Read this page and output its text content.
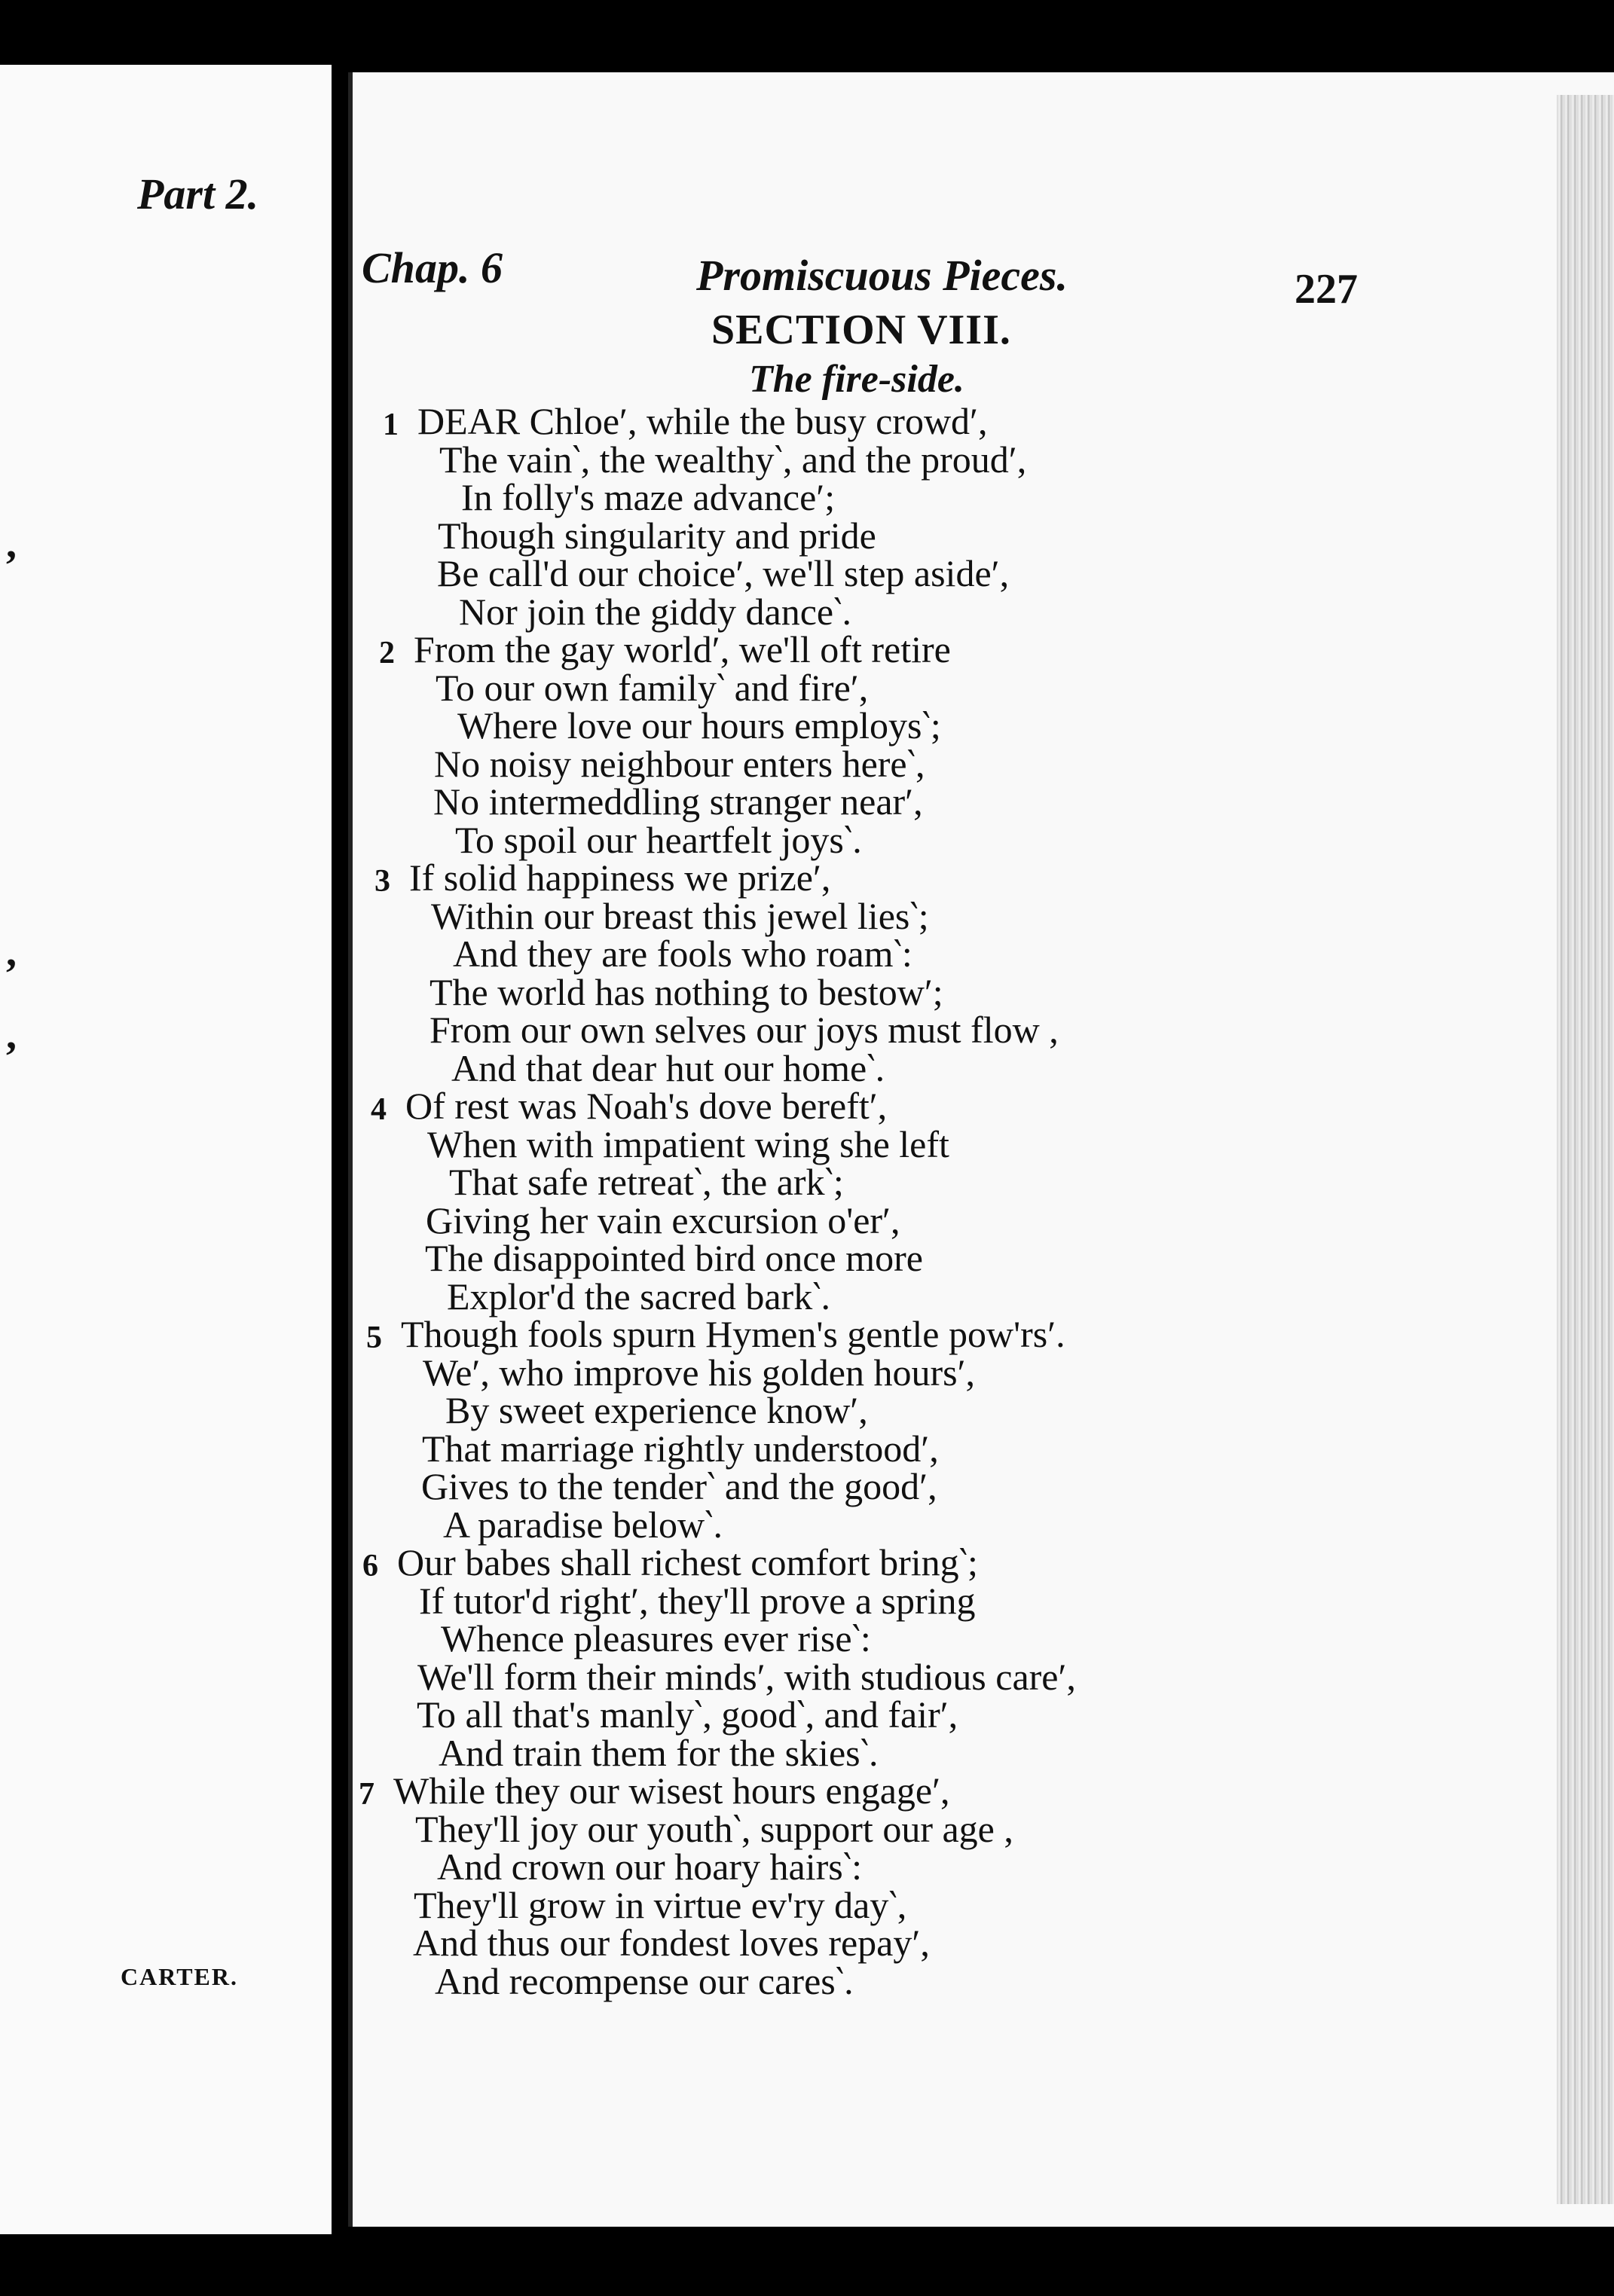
Part 2.
,
,
,
CARTER.
Chap. 6	Promiscuous Pieces.	227
SECTION VIII.
The fire-side.
1 DEAR Chloe′, while the busy crowd′,
The vain‵, the wealthy‵, and the proud′,
In folly's maze advance′;
Though singularity and pride
Be call'd our choice′, we'll step aside′,
Nor join the giddy dance‵.
2 From the gay world′, we'll oft retire
To our own family‵ and fire′,
Where love our hours employs‵;
No noisy neighbour enters here‵,
No intermeddling stranger near′,
To spoil our heartfelt joys‵.
3 If solid happiness we prize′,
Within our breast this jewel lies‵;
And they are fools who roam‵:
The world has nothing to bestow′;
From our own selves our joys must flow ,
And that dear hut our home‵.
4 Of rest was Noah's dove bereft′,
When with impatient wing she left
That safe retreat‵, the ark‵;
Giving her vain excursion o'er′,
The disappointed bird once more
Explor'd the sacred bark‵.
5 Though fools spurn Hymen's gentle pow'rs′.
We′, who improve his golden hours′,
By sweet experience know′,
That marriage rightly understood′,
Gives to the tender‵ and the good′,
A paradise below‵.
6 Our babes shall richest comfort bring‵;
If tutor'd right′, they'll prove a spring
Whence pleasures ever rise‵:
We'll form their minds′, with studious care′,
To all that's manly‵, good‵, and fair′,
And train them for the skies‵.
7 While they our wisest hours engage′,
They'll joy our youth‵, support our age ,
And crown our hoary hairs‵:
They'll grow in virtue ev'ry day‵,
And thus our fondest loves repay′,
And recompense our cares‵.
